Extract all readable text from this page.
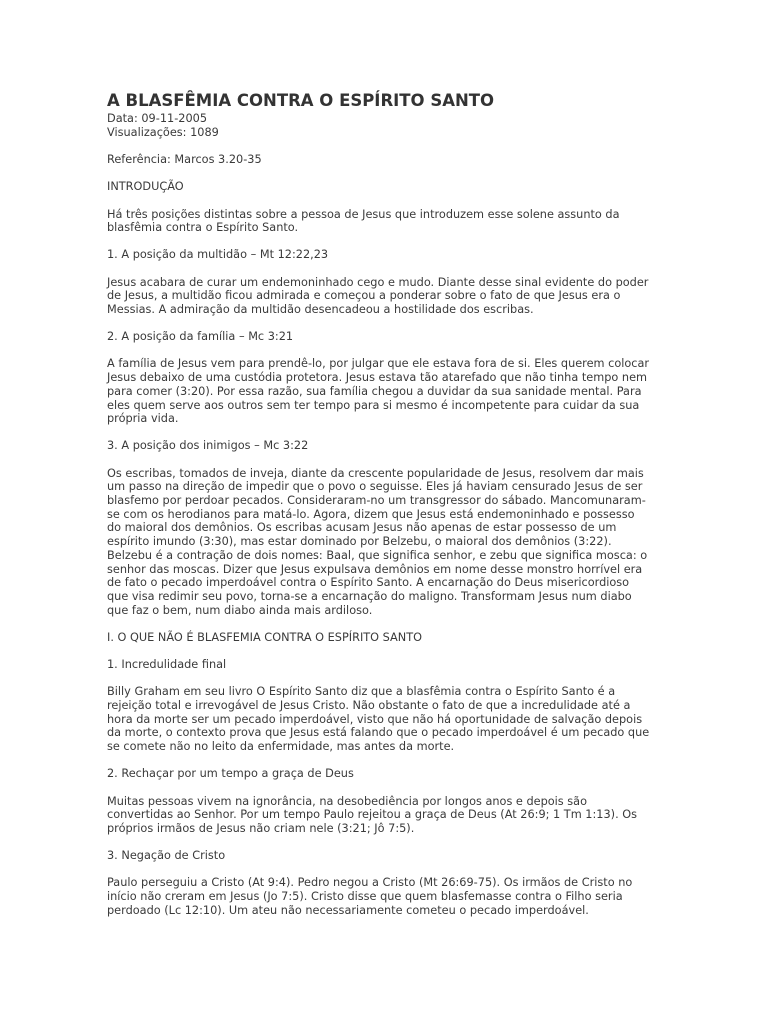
A BLASFÊMIA CONTRA O ESPÍRITO SANTO

Data: 09-11-2005

Visualizações: 1089

Referência: Marcos 3.20-35

INTRODUÇÃO

Há três posições distintas sobre a pessoa de Jesus que introduzem esse solene assunto da blasfêmia contra o Espírito Santo.

1. A posição da multidão – Mt 12:22,23

Jesus acabara de curar um endemoninhado cego e mudo. Diante desse sinal evidente do poder de Jesus, a multidão ficou admirada e começou a ponderar sobre o fato de que Jesus era o Messias. A admiração da multidão desencadeou a hostilidade dos escribas.

2. A posição da família – Mc 3:21

A família de Jesus vem para prendê-lo, por julgar que ele estava fora de si. Eles querem colocar Jesus debaixo de uma custódia protetora. Jesus estava tão atarefado que não tinha tempo nem para comer (3:20). Por essa razão, sua família chegou a duvidar da sua sanidade mental. Para eles quem serve aos outros sem ter tempo para si mesmo é incompetente para cuidar da sua própria vida.

3. A posição dos inimigos – Mc 3:22

Os escribas, tomados de inveja, diante da crescente popularidade de Jesus, resolvem dar mais um passo na direção de impedir que o povo o seguisse. Eles já haviam censurado Jesus de ser blasfemo por perdoar pecados. Consideraram-no um transgressor do sábado. Mancomunaram-se com os herodianos para matá-lo. Agora, dizem que Jesus está endemoninhado e possesso do maioral dos demônios. Os escribas acusam Jesus não apenas de estar possesso de um espírito imundo (3:30), mas estar dominado por Belzebu, o maioral dos demônios (3:22). Belzebu é a contração de dois nomes: Baal, que significa senhor, e zebu que significa mosca: o senhor das moscas. Dizer que Jesus expulsava demônios em nome desse monstro horrível era de fato o pecado imperdoável contra o Espírito Santo. A encarnação do Deus misericordioso que visa redimir seu povo, torna-se a encarnação do maligno. Transformam Jesus num diabo que faz o bem, num diabo ainda mais ardiloso.

I. O QUE NÃO É BLASFEMIA CONTRA O ESPÍRITO SANTO

1. Incredulidade final

Billy Graham em seu livro O Espírito Santo diz que a blasfêmia contra o Espírito Santo é a rejeição total e irrevogável de Jesus Cristo. Não obstante o fato de que a incredulidade até a hora da morte ser um pecado imperdoável, visto que não há oportunidade de salvação depois da morte, o contexto prova que Jesus está falando que o pecado imperdoável é um pecado que se comete não no leito da enfermidade, mas antes da morte.

2. Rechaçar por um tempo a graça de Deus

Muitas pessoas vivem na ignorância, na desobediência por longos anos e depois são convertidas ao Senhor. Por um tempo Paulo rejeitou a graça de Deus (At 26:9; 1 Tm 1:13). Os próprios irmãos de Jesus não criam nele (3:21; Jô 7:5).

3. Negação de Cristo

Paulo perseguiu a Cristo (At 9:4). Pedro negou a Cristo (Mt 26:69-75). Os irmãos de Cristo no início não creram em Jesus (Jo 7:5). Cristo disse que quem blasfemasse contra o Filho seria perdoado (Lc 12:10). Um ateu não necessariamente cometeu o pecado imperdoável.
